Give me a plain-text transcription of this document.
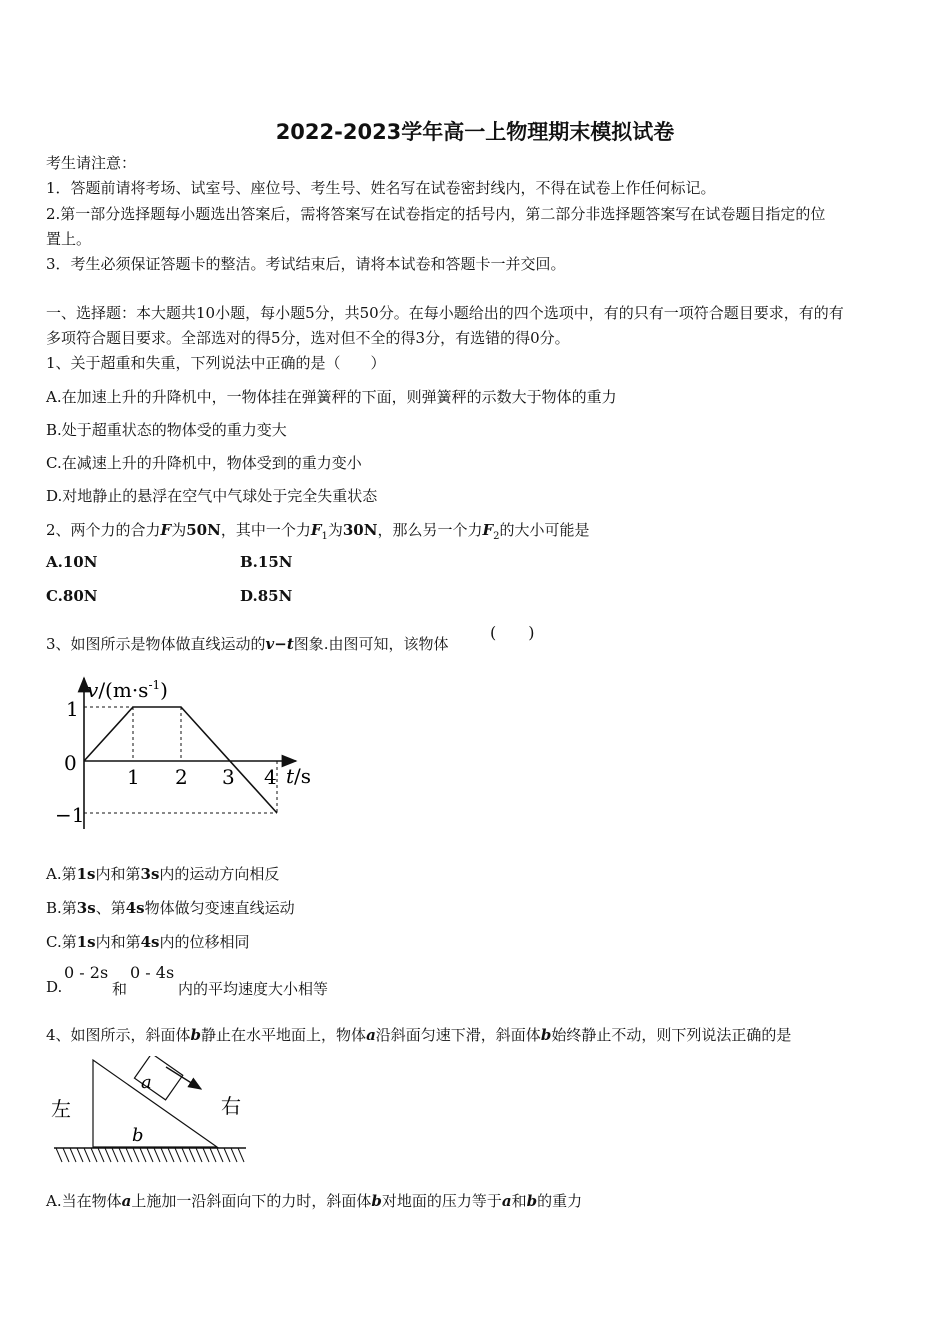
2022-2023学年高一上物理期末模拟试卷
考生请注意：
1．答题前请将考场、试室号、座位号、考生号、姓名写在试卷密封线内，不得在试卷上作任何标记。
2.第一部分选择题每小题选出答案后，需将答案写在试卷指定的括号内，第二部分非选择题答案写在试卷题目指定的位
置上。
3．考生必须保证答题卡的整洁。考试结束后，请将本试卷和答题卡一并交回。
一、选择题：本大题共10小题，每小题5分，共50分。在每小题给出的四个选项中，有的只有一项符合题目要求，有的有
多项符合题目要求。全部选对的得5分，选对但不全的得3分，有选错的得0分。
1、关于超重和失重，下列说法中正确的是（　　）
A.在加速上升的升降机中，一物体挂在弹簧秤的下面，则弹簧秤的示数大于物体的重力
B.处于超重状态的物体受的重力变大
C.在减速上升的升降机中，物体受到的重力变小
D.对地静止的悬浮在空气中气球处于完全失重状态
2、两个力的合力F为50N，其中一个力$F_1$为30N，那么另一个力$F_2$的大小可能是
A.10N	B.15N
C.80N	D.85N
3、如图所示是物体做直线运动的v−t图象.由图可知，该物体
(　　)
$v/(m\cdot s^{-1})$
1
0
−1
1 2 3 4 t/s
A.第1s内和第3s内的运动方向相反
B.第3s、第4s物体做匀变速直线运动
C.第1s内和第4s内的位移相同
D.
0 - 2s
和
0 - 4s
内的平均速度大小相等
4、如图所示，斜面体b静止在水平地面上，物体a沿斜面匀速下滑，斜面体b始终静止不动，则下列说法正确的是
a
b
左	右
A.当在物体a上施加一沿斜面向下的力时，斜面体b对地面的压力等于a和b的重力
